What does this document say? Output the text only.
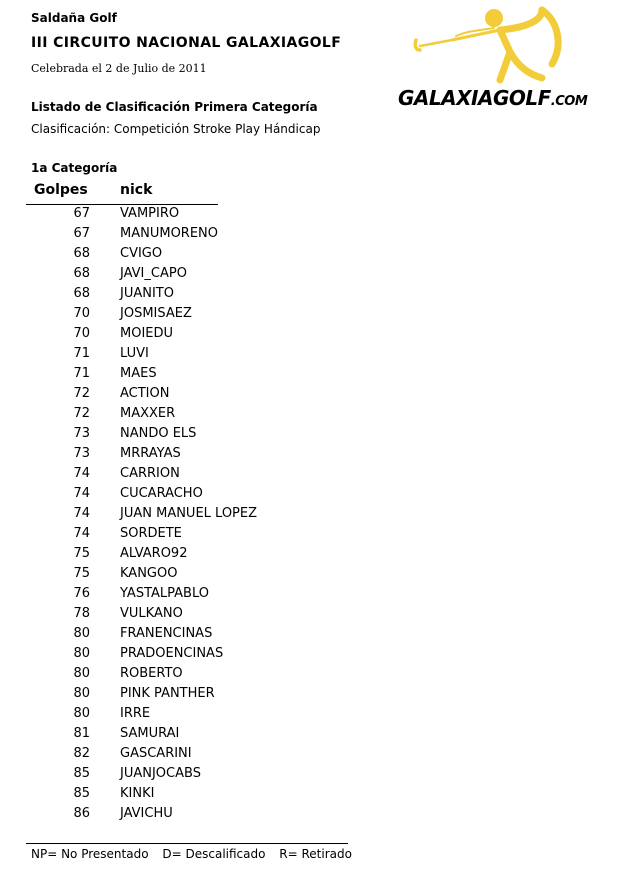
Saldaña Golf
III CIRCUITO NACIONAL GALAXIAGOLF
Celebrada el 2 de Julio de 2011
Listado de Clasificación Primera Categoría
Clasificación: Competición Stroke Play Hándicap
GALAXIAGOLF.COM
1a Categoría
Golpes nick
67 VAMPIRO
67 MANUMORENO
68 CVIGO
68 JAVI_CAPO
68 JUANITO
70 JOSMISAEZ
70 MOIEDU
71 LUVI
71 MAES
72 ACTION
72 MAXXER
73 NANDO ELS
73 MRRAYAS
74 CARRION
74 CUCARACHO
74 JUAN MANUEL LOPEZ
74 SORDETE
75 ALVARO92
75 KANGOO
76 YASTALPABLO
78 VULKANO
80 FRANENCINAS
80 PRADOENCINAS
80 ROBERTO
80 PINK PANTHER
80 IRRE
81 SAMURAI
82 GASCARINI
85 JUANJOCABS
85 KINKI
86 JAVICHU
NP= No Presentado D= Descalificado R= Retirado
